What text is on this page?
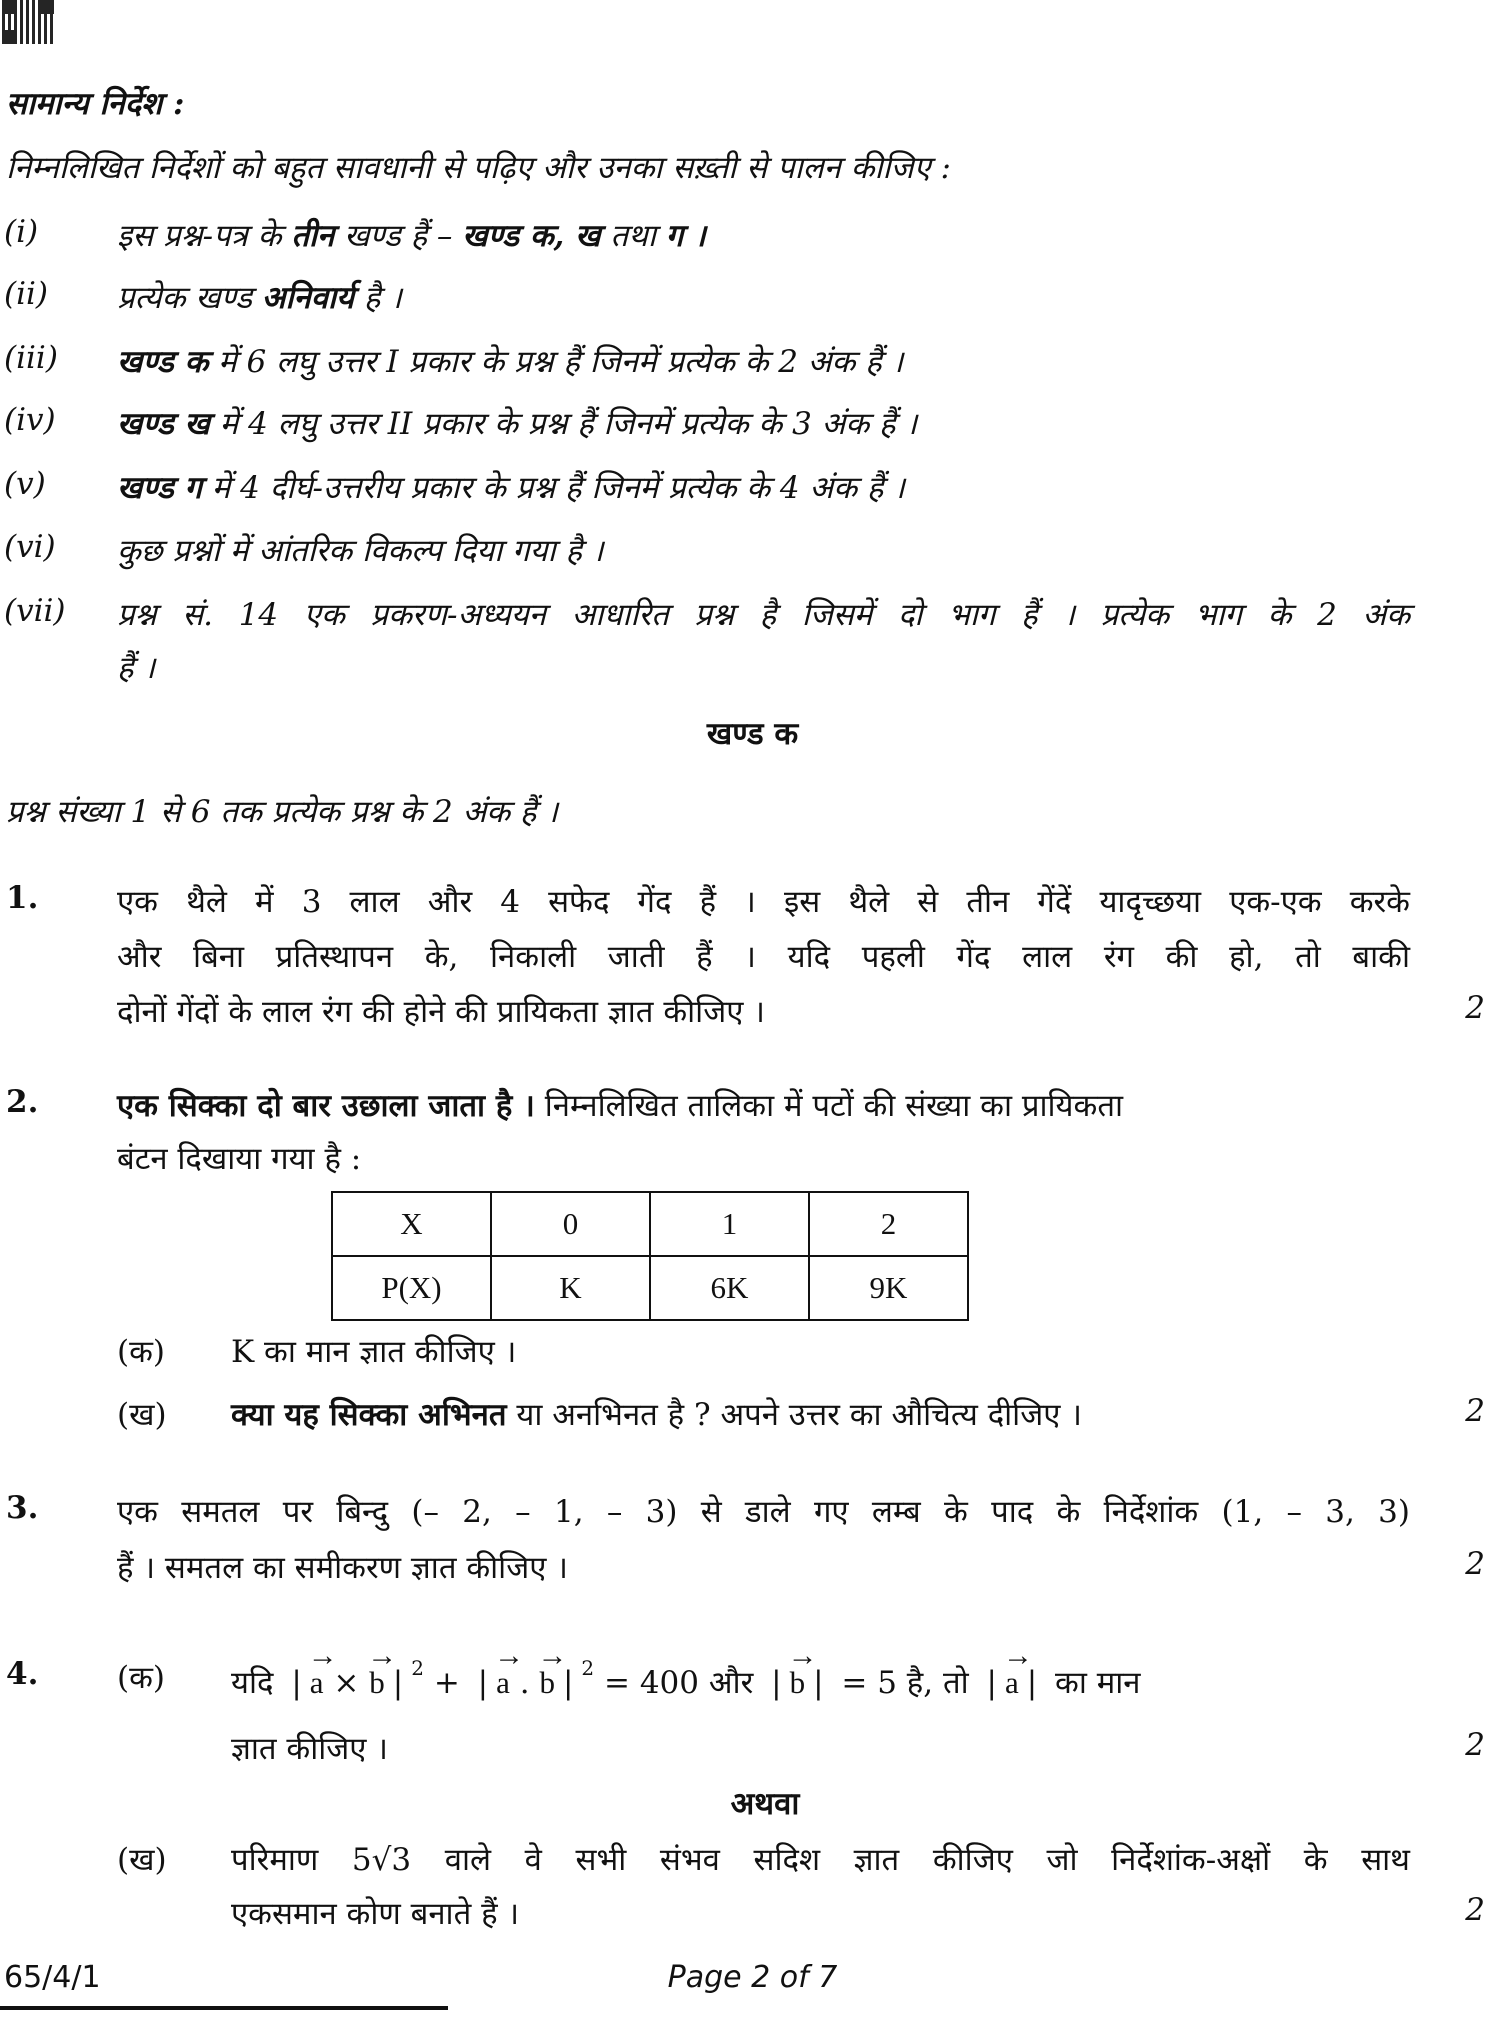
सामान्य निर्देश :
निम्नलिखित निर्देशों को बहुत सावधानी से पढ़िए और उनका सख़्ती से पालन कीजिए :
(i)	इस प्रश्न-पत्र के तीन खण्ड हैं – खण्ड क, ख तथा ग ।
(ii) प्रत्येक खण्ड अनिवार्य है ।
(iii) खण्ड क में 6 लघु उत्तर I प्रकार के प्रश्न हैं जिनमें प्रत्येक के 2 अंक हैं ।
(iv) खण्ड ख में 4 लघु उत्तर II प्रकार के प्रश्न हैं जिनमें प्रत्येक के 3 अंक हैं ।
(v) खण्ड ग में 4 दीर्घ-उत्तरीय प्रकार के प्रश्न हैं जिनमें प्रत्येक के 4 अंक हैं ।
(vi) कुछ प्रश्नों में आंतरिक विकल्प दिया गया है ।
(vii) प्रश्न सं. 14 एक प्रकरण-अध्ययन आधारित प्रश्न है जिसमें दो भाग हैं । प्रत्येक भाग के 2 अंक
हैं ।
खण्ड क
प्रश्न संख्या 1 से 6 तक प्रत्येक प्रश्न के 2 अंक हैं ।
1.	एक थैले में 3 लाल और 4 सफेद गेंद हैं । इस थैले से तीन गेंदें यादृच्छया एक-एक करके
और बिना प्रतिस्थापन के, निकाली जाती हैं । यदि पहली गेंद लाल रंग की हो, तो बाकी
दोनों गेंदों के लाल रंग की होने की प्रायिकता ज्ञात कीजिए ।	2
2.	एक सिक्का दो बार उछाला जाता है । निम्नलिखित तालिका में पटों की संख्या का प्रायिकता
बंटन दिखाया गया है :
X	0	1	2
P(X)	K	6K	9K
(क) K का मान ज्ञात कीजिए ।
(ख) क्या यह सिक्का अभिनत या अनभिनत है ? अपने उत्तर का औचित्य दीजिए ।	2
3.	एक समतल पर बिन्दु (– 2, – 1, – 3) से डाले गए लम्ब के पाद के निर्देशांक (1, – 3, 3)
हैं । समतल का समीकरण ज्ञात कीजिए ।	2
4.	(क) यदि | → a × → b | $^2$ + | → a . → b | $^2$ = 400 और | → b | = 5 है, तो | → a | का मान
ज्ञात कीजिए ।	2
अथवा
(ख) परिमाण 5√3 वाले वे सभी संभव सदिश ज्ञात कीजिए जो निर्देशांक-अक्षों के साथ
एकसमान कोण बनाते हैं ।	2
65/4/1	Page 2 of 7
